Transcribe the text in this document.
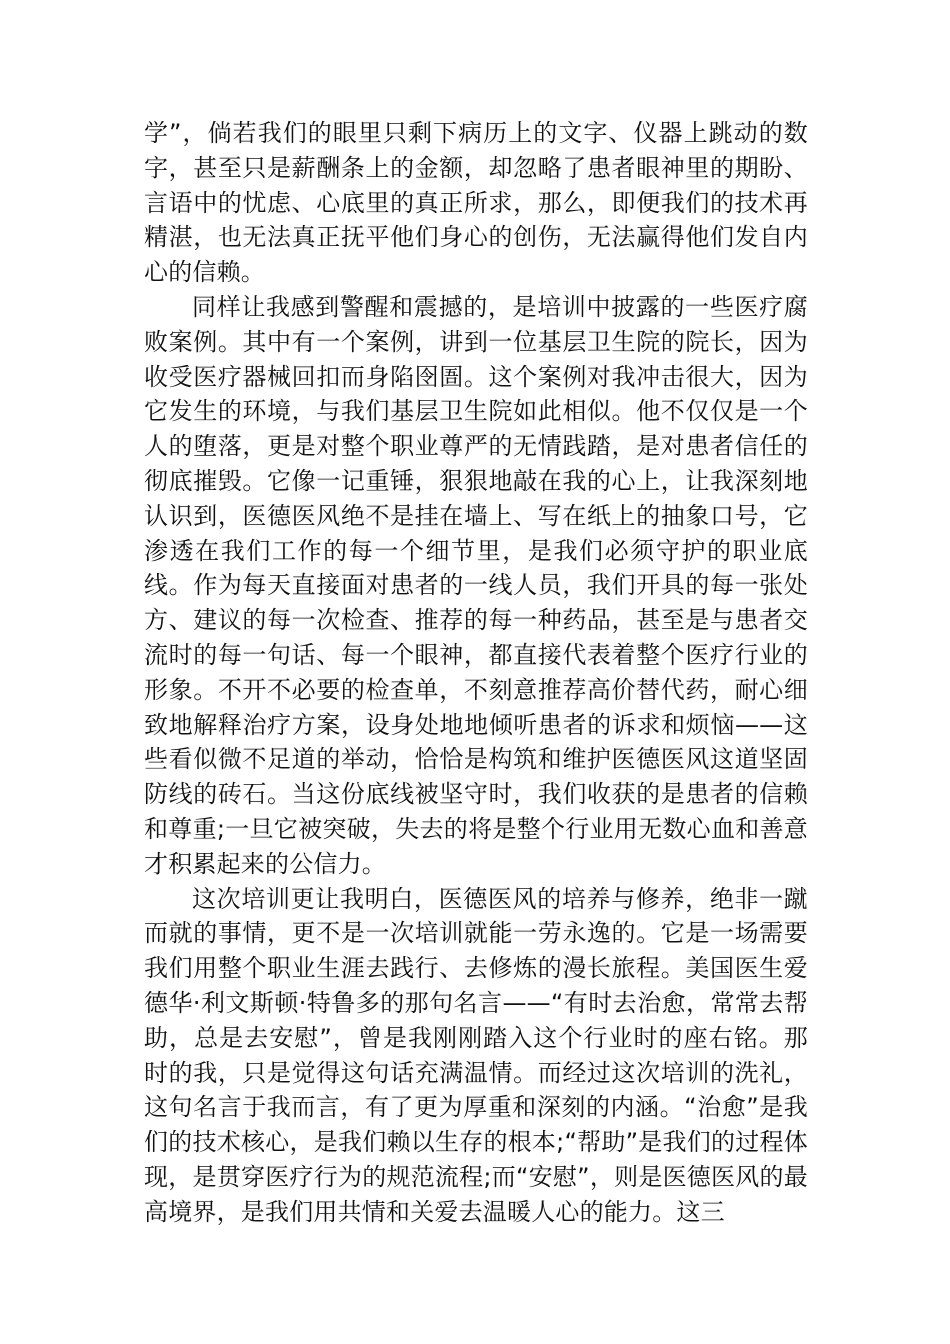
学”，倘若我们的眼里只剩下病历上的文字、仪器上跳动的数字，甚至只是薪酬条上的金额，却忽略了患者眼神里的期盼、言语中的忧虑、心底里的真正所求，那么，即便我们的技术再精湛，也无法真正抚平他们身心的创伤，无法赢得他们发自内心的信赖。

同样让我感到警醒和震撼的，是培训中披露的一些医疗腐败案例。其中有一个案例，讲到一位基层卫生院的院长，因为收受医疗器械回扣而身陷囹圄。这个案例对我冲击很大，因为它发生的环境，与我们基层卫生院如此相似。他不仅仅是一个人的堕落，更是对整个职业尊严的无情践踏，是对患者信任的彻底摧毁。它像一记重锤，狠狠地敲在我的心上，让我深刻地认识到，医德医风绝不是挂在墙上、写在纸上的抽象口号，它渗透在我们工作的每一个细节里，是我们必须守护的职业底线。作为每天直接面对患者的一线人员，我们开具的每一张处方、建议的每一次检查、推荐的每一种药品，甚至是与患者交流时的每一句话、每一个眼神，都直接代表着整个医疗行业的形象。不开不必要的检查单，不刻意推荐高价替代药，耐心细致地解释治疗方案，设身处地地倾听患者的诉求和烦恼——这些看似微不足道的举动，恰恰是构筑和维护医德医风这道坚固防线的砖石。当这份底线被坚守时，我们收获的是患者的信赖和尊重;一旦它被突破，失去的将是整个行业用无数心血和善意才积累起来的公信力。

这次培训更让我明白，医德医风的培养与修养，绝非一蹴而就的事情，更不是一次培训就能一劳永逸的。它是一场需要我们用整个职业生涯去践行、去修炼的漫长旅程。美国医生爱德华·利文斯顿·特鲁多的那句名言——“有时去治愈，常常去帮助，总是去安慰”，曾是我刚刚踏入这个行业时的座右铭。那时的我，只是觉得这句话充满温情。而经过这次培训的洗礼，这句名言于我而言，有了更为厚重和深刻的内涵。“治愈”是我们的技术核心，是我们赖以生存的根本;“帮助”是我们的过程体现，是贯穿医疗行为的规范流程;而“安慰”，则是医德医风的最高境界，是我们用共情和关爱去温暖人心的能力。这三
